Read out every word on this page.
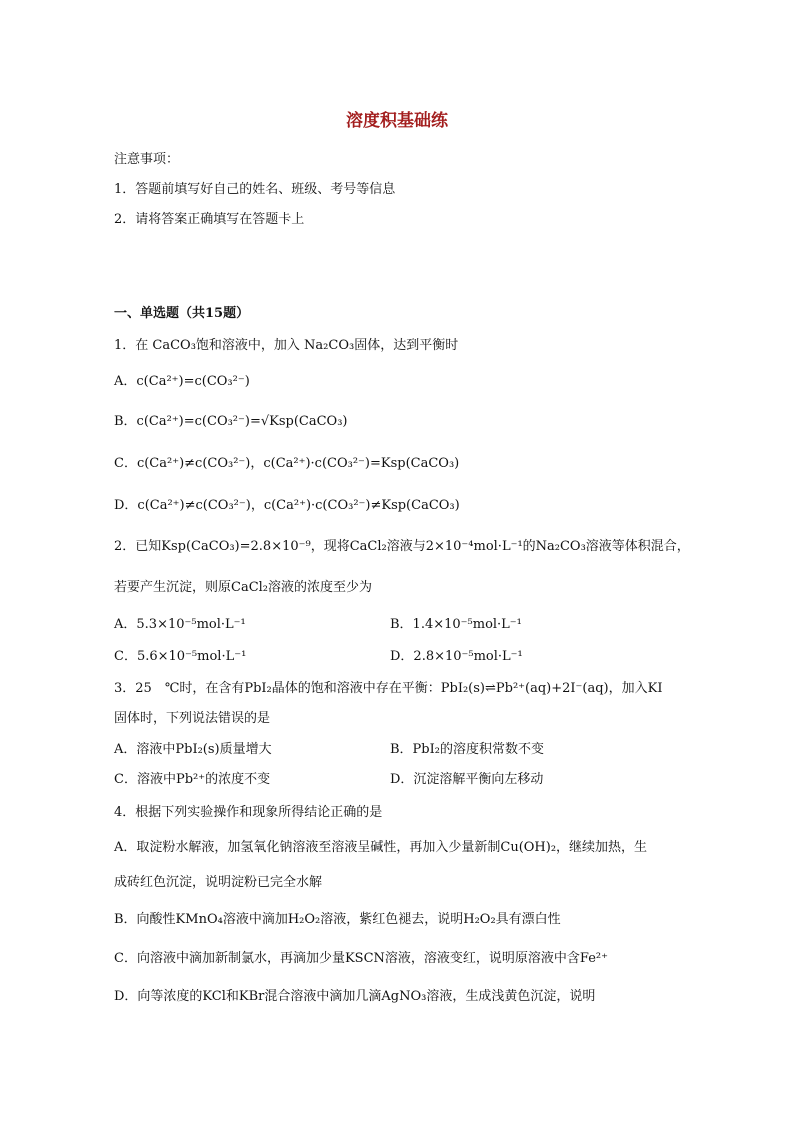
溶度积基础练
注意事项：
1．答题前填写好自己的姓名、班级、考号等信息
2．请将答案正确填写在答题卡上
一、单选题（共15题）
1．在 CaCO₃饱和溶液中，加入 Na₂CO₃固体，达到平衡时
A．c(Ca²⁺)=c(CO₃²⁻)
B．c(Ca²⁺)=c(CO₃²⁻)=√Ksp(CaCO₃)
C．c(Ca²⁺)≠c(CO₃²⁻)，c(Ca²⁺)·c(CO₃²⁻)=Ksp(CaCO₃)
D．c(Ca²⁺)≠c(CO₃²⁻)，c(Ca²⁺)·c(CO₃²⁻)≠Ksp(CaCO₃)
2．已知Ksp(CaCO₃)=2.8×10⁻⁹，现将CaCl₂溶液与2×10⁻⁴mol·L⁻¹的Na₂CO₃溶液等体积混合，
若要产生沉淀，则原CaCl₂溶液的浓度至少为
A．5.3×10⁻⁵mol·L⁻¹	B．1.4×10⁻⁵mol·L⁻¹
C．5.6×10⁻⁵mol·L⁻¹	D．2.8×10⁻⁵mol·L⁻¹
3．25　℃时，在含有PbI₂晶体的饱和溶液中存在平衡：PbI₂(s)⇌Pb²⁺(aq)+2I⁻(aq)，加入KI
固体时，下列说法错误的是
A．溶液中PbI₂(s)质量增大	B．PbI₂的溶度积常数不变
C．溶液中Pb²⁺的浓度不变	D．沉淀溶解平衡向左移动
4．根据下列实验操作和现象所得结论正确的是
A．取淀粉水解液，加氢氧化钠溶液至溶液呈碱性，再加入少量新制Cu(OH)₂，继续加热，生
成砖红色沉淀，说明淀粉已完全水解
B．向酸性KMnO₄溶液中滴加H₂O₂溶液，紫红色褪去，说明H₂O₂具有漂白性
C．向溶液中滴加新制氯水，再滴加少量KSCN溶液，溶液变红，说明原溶液中含Fe²⁺
D．向等浓度的KCl和KBr混合溶液中滴加几滴AgNO₃溶液，生成浅黄色沉淀，说明
